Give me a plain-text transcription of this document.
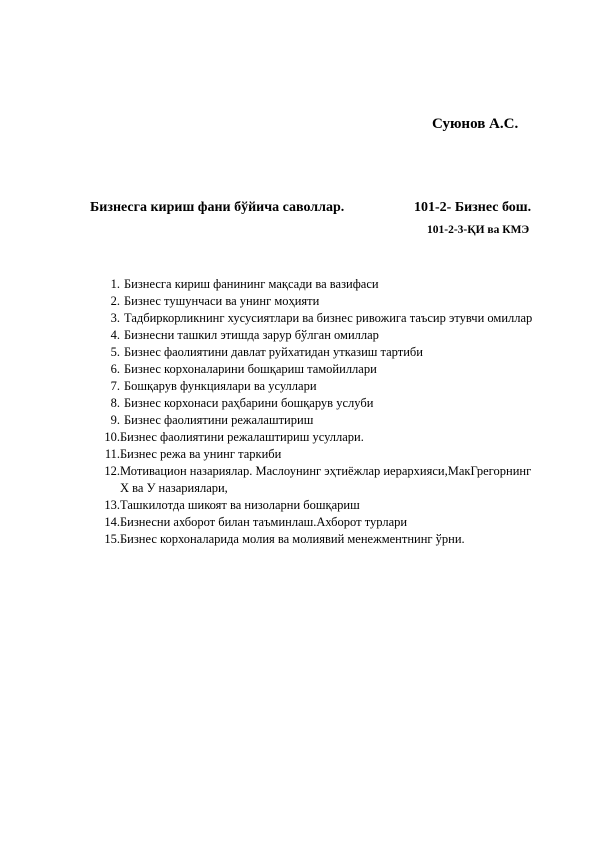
Суюнов А.С.
Бизнесга кириш фани бўйича саволлар.	101-2- Бизнес бош.
101-2-3-ҚИ ва КМЭ
1. Бизнесга кириш фанининг мақсади ва вазифаси
2. Бизнес тушунчаси ва унинг моҳияти
3. Тадбиркорликнинг хусусиятлари ва бизнес ривожига таъсир этувчи омиллар
4. Бизнесни ташкил этишда зарур бўлган омиллар
5. Бизнес фаолиятини давлат руйхатидан утказиш тартиби
6. Бизнес корхоналарини бошқариш тамойиллари
7. Бошқарув функциялари ва усуллари
8. Бизнес корхонаси раҳбарини бошқарув услуби
9. Бизнес фаолиятини режалаштириш
10. Бизнес фаолиятини режалаштириш усуллари.
11. Бизнес режа ва унинг таркиби
12. Мотивацион назариялар. Маслоунинг эҳтиёжлар иерархияси,МакГрегорнинг Х ва У назариялари,
13. Ташкилотда шикоят ва низоларни бошқариш
14. Бизнесни ахборот билан таъминлаш.Ахборот турлари
15. Бизнес корхоналарида молия ва молиявий менежментнинг ўрни.
